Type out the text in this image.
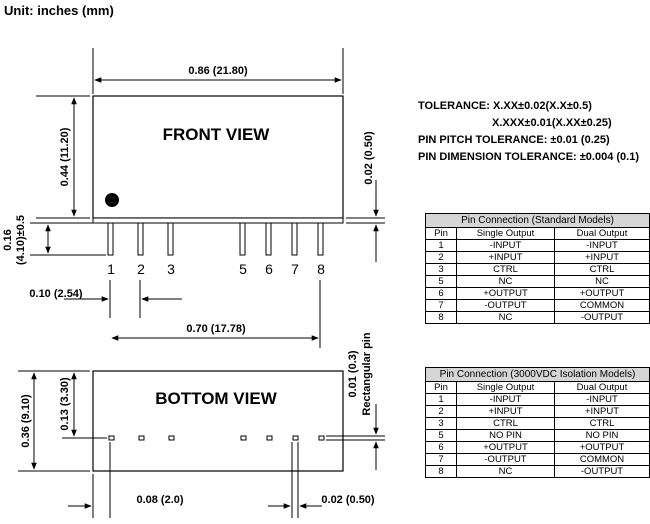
Unit: inches (mm)
FRONT VIEW
1 2 3	5 6 7 8
0.86 (21.80)
0.44 (11.20)
0.16 (4.10)±0.5
0.02 (0.50)
0.10 (2.54)
0.70 (17.78)
BOTTOM VIEW
0.36 (9.10) 0.13 (3.30)
0.01 (0.3) Rectangular pin
0.08 (2.0)	0.02 (0.50)
TOLERANCE: X.XX±0.02(X.X±0.5)
X.XXX±0.01(X.XX±0.25)
PIN PITCH TOLERANCE: ±0.01 (0.25)
PIN DIMENSION TOLERANCE: ±0.004 (0.1)
Pin Connection (Standard Models)		
Pin	Single Output	Dual Output
1	-INPUT	-INPUT
2	+INPUT	+INPUT
3	CTRL	CTRL
5	NC	NC
6	+OUTPUT	+OUTPUT
7	-OUTPUT	COMMON
8	NC	-OUTPUT
Pin Connection (3000VDC Isolation Models)		
Pin	Single Output	Dual Output
1	-INPUT	-INPUT
2	+INPUT	+INPUT
3	CTRL	CTRL
5	NO PIN	NO PIN
6	+OUTPUT	+OUTPUT
7	-OUTPUT	COMMON
8	NC	-OUTPUT
